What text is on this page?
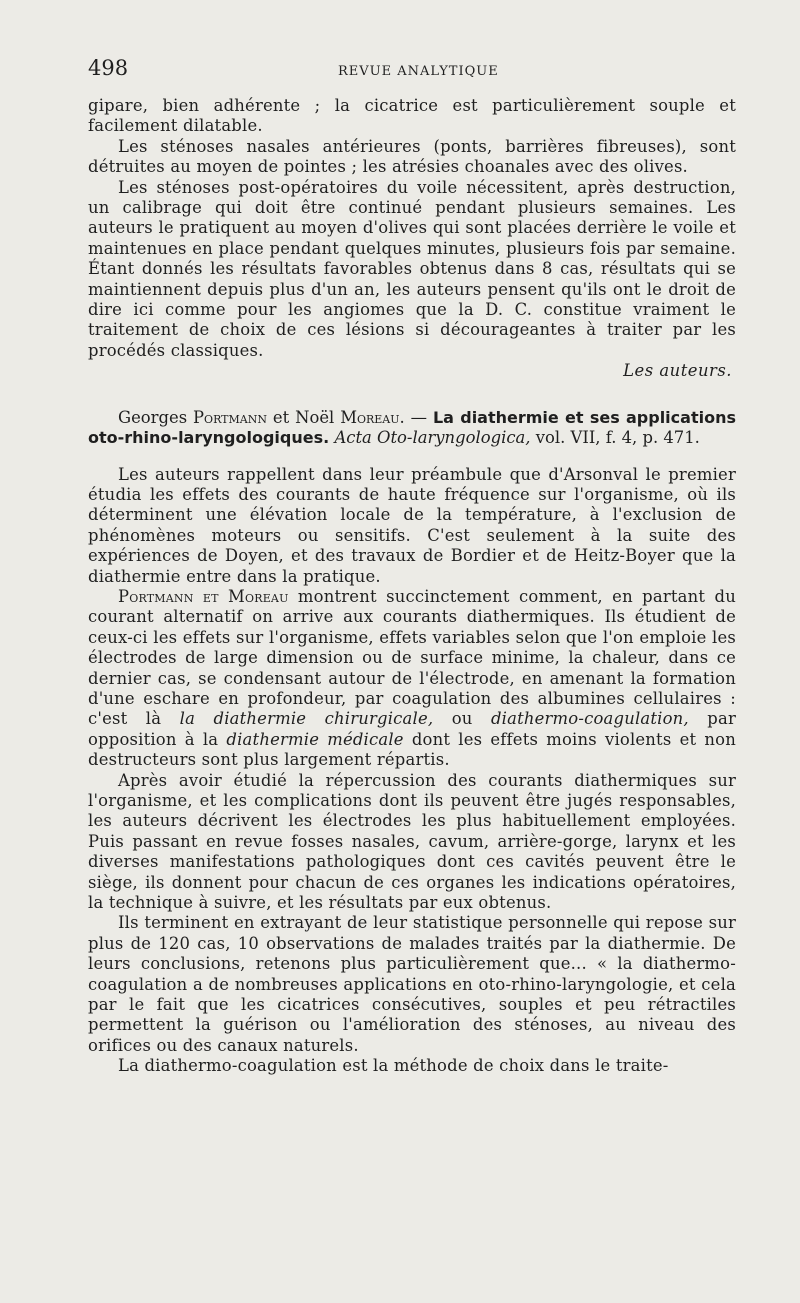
498	REVUE ANALYTIQUE

gipare, bien adhérente ; la cicatrice est particulièrement souple et facilement dilatable.

Les sténoses nasales antérieures (ponts, barrières fibreuses), sont détruites au moyen de pointes ; les atrésies choanales avec des olives.

Les sténoses post-opératoires du voile nécessitent, après destruction, un calibrage qui doit être continué pendant plusieurs semaines. Les auteurs le pratiquent au moyen d'olives qui sont placées derrière le voile et maintenues en place pendant quelques minutes, plusieurs fois par semaine. Étant donnés les résultats favorables obtenus dans 8 cas, résultats qui se maintiennent depuis plus d'un an, les auteurs pensent qu'ils ont le droit de dire ici comme pour les angiomes que la D. C. constitue vraiment le traitement de choix de ces lésions si décourageantes à traiter par les procédés classiques.

Les auteurs.

Georges Portmann et Noël Moreau. — La diathermie et ses applications oto-rhino-laryngologiques. Acta Oto-laryngologica, vol. VII, f. 4, p. 471.

Les auteurs rappellent dans leur préambule que d'Arsonval le premier étudia les effets des courants de haute fréquence sur l'organisme, où ils déterminent une élévation locale de la température, à l'exclusion de phénomènes moteurs ou sensitifs. C'est seulement à la suite des expériences de Doyen, et des travaux de Bordier et de Heitz-Boyer que la diathermie entre dans la pratique.

Portmann et Moreau montrent succinctement comment, en partant du courant alternatif on arrive aux courants diathermiques. Ils étudient de ceux-ci les effets sur l'organisme, effets variables selon que l'on emploie les électrodes de large dimension ou de surface minime, la chaleur, dans ce dernier cas, se condensant autour de l'électrode, en amenant la formation d'une eschare en profondeur, par coagulation des albumines cellulaires : c'est là la diathermie chirurgicale, ou diathermo-coagulation, par opposition à la diathermie médicale dont les effets moins violents et non destructeurs sont plus largement répartis.

Après avoir étudié la répercussion des courants diathermiques sur l'organisme, et les complications dont ils peuvent être jugés responsables, les auteurs décrivent les électrodes les plus habituellement employées. Puis passant en revue fosses nasales, cavum, arrière-gorge, larynx et les diverses manifestations pathologiques dont ces cavités peuvent être le siège, ils donnent pour chacun de ces organes les indications opératoires, la technique à suivre, et les résultats par eux obtenus.

Ils terminent en extrayant de leur statistique personnelle qui repose sur plus de 120 cas, 10 observations de malades traités par la diathermie. De leurs conclusions, retenons plus particulièrement que... « la diathermo-coagulation a de nombreuses applications en oto-rhino-laryngologie, et cela par le fait que les cicatrices consécutives, souples et peu rétractiles permettent la guérison ou l'amélioration des sténoses, au niveau des orifices ou des canaux naturels.

La diathermo-coagulation est la méthode de choix dans le traite-
